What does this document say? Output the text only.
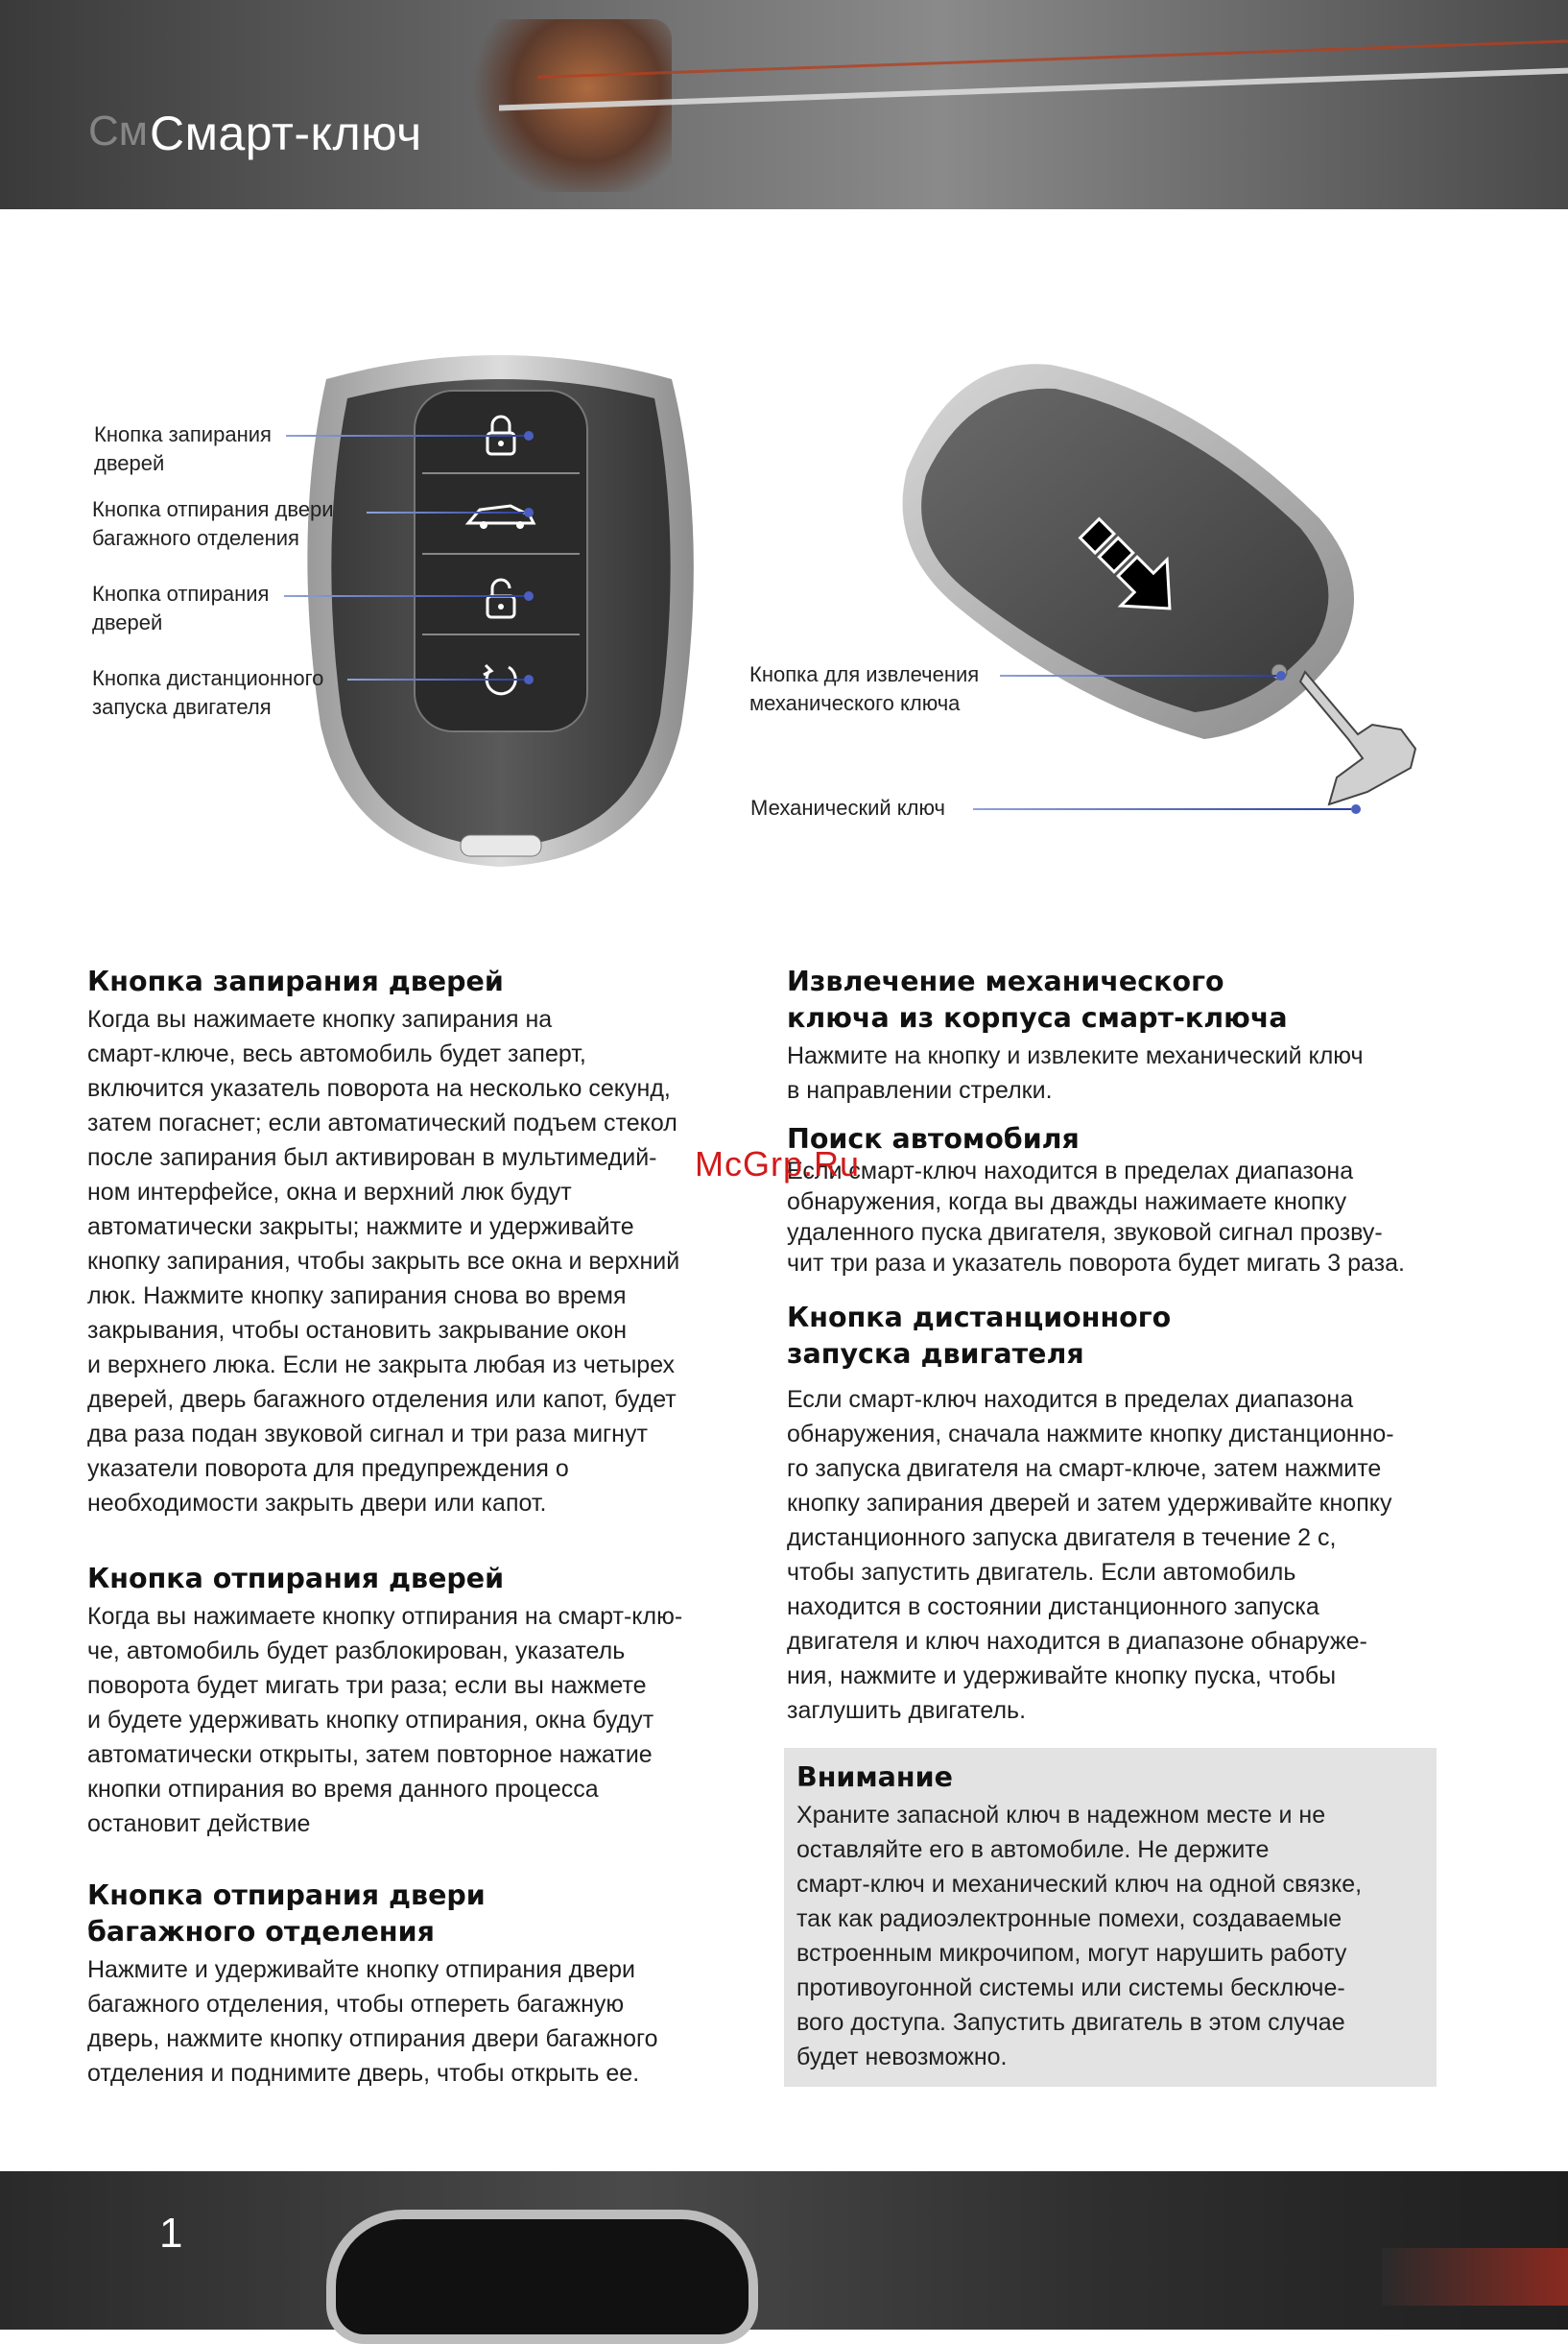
См Смарт-ключ
Кнопка запирания
дверей
Кнопка отпирания двери
багажного отделения
Кнопка отпирания
дверей
Кнопка дистанционного
запуска двигателя
Кнопка для извлечения
механического ключа
Механический ключ
Кнопка запирания дверей
Когда вы нажимаете кнопку запирания на
смарт-ключе, весь автомобиль будет заперт,
включится указатель поворота на несколько секунд,
затем погаснет; если автоматический подъем стекол
после запирания был активирован в мультимедий-
ном интерфейсе, окна и верхний люк будут
автоматически закрыты; нажмите и удерживайте
кнопку запирания, чтобы закрыть все окна и верхний
люк. Нажмите кнопку запирания снова во время
закрывания, чтобы остановить закрывание окон
и верхнего люка. Если не закрыта любая из четырех
дверей, дверь багажного отделения или капот, будет
два раза подан звуковой сигнал и три раза мигнут
указатели поворота для предупреждения о
необходимости закрыть двери или капот.
Кнопка отпирания дверей
Когда вы нажимаете кнопку отпирания на смарт-клю-
че, автомобиль будет разблокирован, указатель
поворота будет мигать три раза; если вы нажмете
и будете удерживать кнопку отпирания, окна будут
автоматически открыты, затем повторное нажатие
кнопки отпирания во время данного процесса
остановит действие
Кнопка отпирания двери
багажного отделения
Нажмите и удерживайте кнопку отпирания двери
багажного отделения, чтобы отпереть багажную
дверь, нажмите кнопку отпирания двери багажного
отделения и поднимите дверь, чтобы открыть ее.
Извлечение механического
ключа из корпуса смарт-ключа
Нажмите на кнопку и извлеките механический ключ
в направлении стрелки.
Поиск автомобиля
Если смарт-ключ находится в пределах диапазона
обнаружения, когда вы дважды нажимаете кнопку
удаленного пуска двигателя, звуковой сигнал прозву-
чит три раза и указатель поворота будет мигать 3 раза.
Кнопка дистанционного
запуска двигателя
Если смарт-ключ находится в пределах диапазона
обнаружения, сначала нажмите кнопку дистанционно-
го запуска двигателя на смарт-ключе, затем нажмите
кнопку запирания дверей и затем удерживайте кнопку
дистанционного запуска двигателя в течение 2 с,
чтобы запустить двигатель. Если автомобиль
находится в состоянии дистанционного запуска
двигателя и ключ находится в диапазоне обнаруже-
ния, нажмите и удерживайте кнопку пуска, чтобы
заглушить двигатель.
Внимание
Храните запасной ключ в надежном месте и не
оставляйте его в автомобиле. Не держите
смарт-ключ и механический ключ на одной связке,
так как радиоэлектронные помехи, создаваемые
встроенным микрочипом, могут нарушить работу
противоугонной системы или системы бесключе-
вого доступа. Запустить двигатель в этом случае
будет невозможно.
McGrp.Ru
1
